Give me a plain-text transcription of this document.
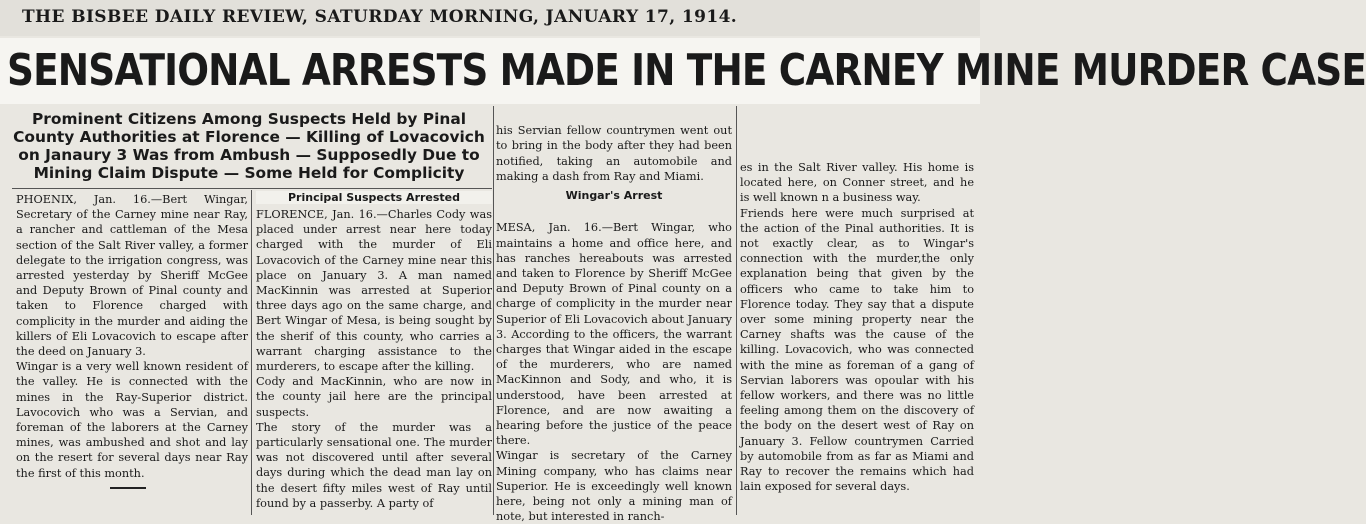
THE BISBEE DAILY REVIEW, SATURDAY MORNING, JANUARY 17, 1914.
SENSATIONAL ARRESTS MADE IN THE CARNEY MINE MURDER CASE
Prominent Citizens Among Suspects Held by Pinal County Authorities at Florence — Killing of Lovacovich on Janaury 3 Was from Ambush — Supposedly Due to Mining Claim Dispute — Some Held for Complicity
PHOENIX, Jan. 16.—Bert Wingar, Secretary of the Carney mine near Ray, a rancher and cattleman of the Mesa section of the Salt River valley, a former delegate to the irrigation congress, was arrested yesterday by Sheriff McGee and Deputy Brown of Pinal county and taken to Florence charged with complicity in the murder and aiding the killers of Eli Lovacovich to escape after the deed on January 3.
Wingar is a very well known resident of the valley. He is connected with the mines in the Ray-Superior district. Lavocovich who was a Servian, and foreman of the laborers at the Carney mines, was ambushed and shot and lay on the resert for several days near Ray the first of this month.
Principal Suspects Arrested
FLORENCE, Jan. 16.—Charles Cody was placed under arrest near here today charged with the murder of Eli Lovacovich of the Carney mine near this place on January 3. A man named MacKinnin was arrested at Superior three days ago on the same charge, and Bert Wingar of Mesa, is being sought by the sherif of this county, who carries a warrant charging assistance to the murderers, to escape after the killing.
Cody and MacKinnin, who are now in the county jail here are the principal suspects.
The story of the murder was a particularly sensational one. The murder was not discovered until after several days during which the dead man lay on the desert fifty miles west of Ray until found by a passerby. A party of

his Servian fellow countrymen went out to bring in the body after they had been notified, taking an automobile and making a dash from Ray and Miami.

Wingar's Arrest

MESA, Jan. 16.—Bert Wingar, who maintains a home and office here, and has ranches hereabouts was arrested and taken to Florence by Sheriff McGee and Deputy Brown of Pinal county on a charge of complicity in the murder near Superior of Eli Lovacovich about January 3. According to the officers, the warrant charges that Wingar aided in the escape of the murderers, who are named MacKinnon and Sody, and who, it is understood, have been arrested at Florence, and are now awaiting a hearing before the justice of the peace there.
Wingar is secretary of the Carney Mining company, who has claims near Superior. He is exceedingly well known here, being not only a mining man of note, but interested in ranch-

es in the Salt River valley. His home is located here, on Conner street, and he is well known n a business way.
Friends here were much surprised at the action of the Pinal authorities. It is not exactly clear, as to Wingar's connection with the murder,the only explanation being that given by the officers who came to take him to Florence today. They say that a dispute over some mining property near the Carney shafts was the cause of the killing. Lovacovich, who was connected with the mine as foreman of a gang of Servian laborers was opoular with his fellow workers, and there was no little feeling among them on the discovery of the body on the desert west of Ray on January 3. Fellow countrymen Carried by automobile from as far as Miami and Ray to recover the remains which had lain exposed for several days.
